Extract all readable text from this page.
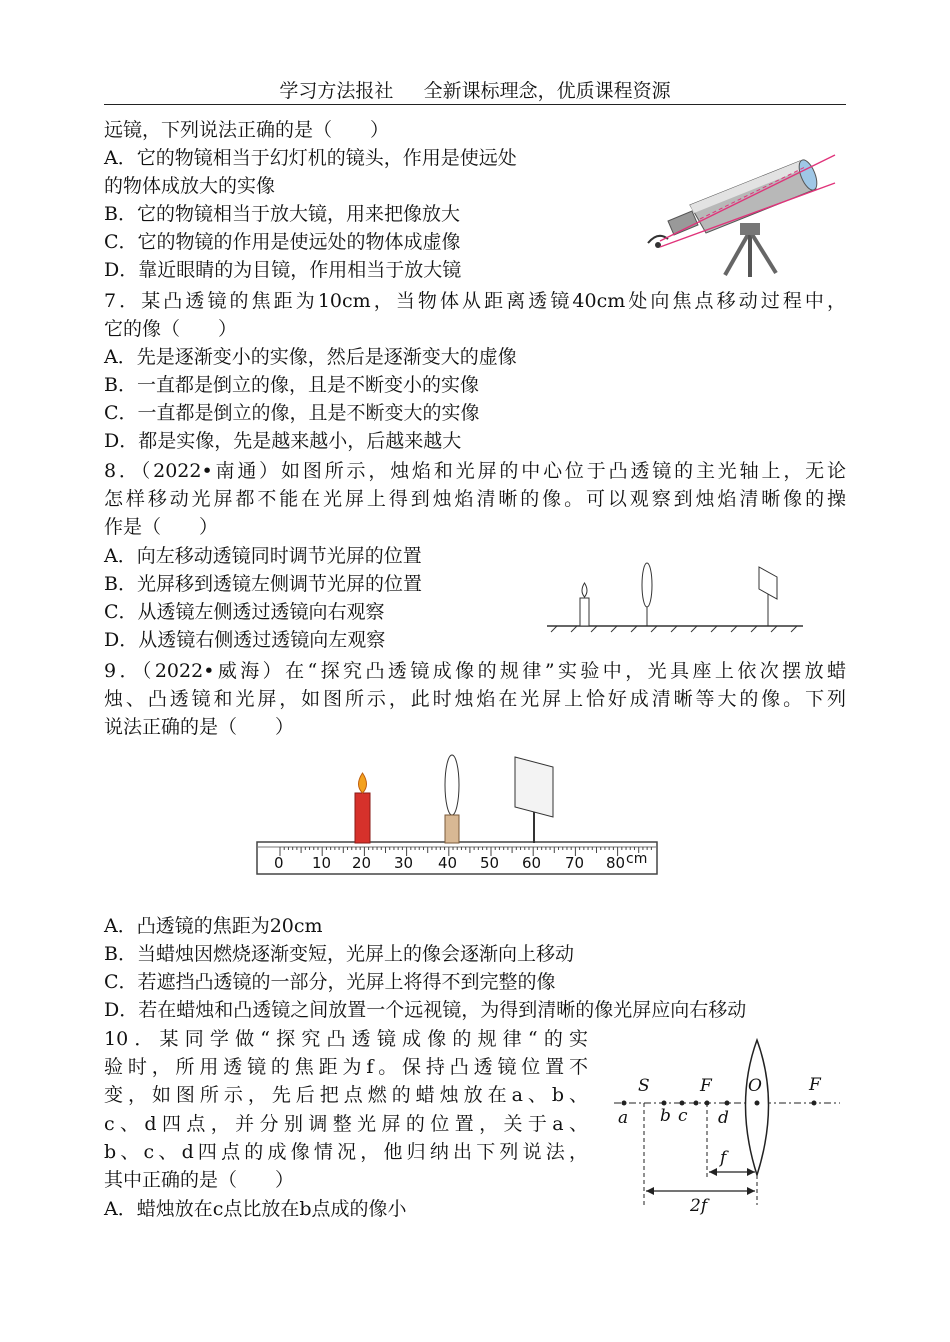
学习方法报社 全新课标理念，优质课程资源
远镜，下列说法正确的是（　　）
A．它的物镜相当于幻灯机的镜头，作用是使远处
的物体成放大的实像
B．它的物镜相当于放大镜，用来把像放大
C．它的物镜的作用是使远处的物体成虚像
D．靠近眼睛的为目镜，作用相当于放大镜
7．某凸透镜的焦距为10cm，当物体从距离透镜40cm处向焦点移动过程中，
它的像（　　）
A．先是逐渐变小的实像，然后是逐渐变大的虚像
B．一直都是倒立的像，且是不断变小的实像
C．一直都是倒立的像，且是不断变大的实像
D．都是实像，先是越来越小，后越来越大
8．（2022•南通）如图所示，烛焰和光屏的中心位于凸透镜的主光轴上，无论
怎样移动光屏都不能在光屏上得到烛焰清晰的像。可以观察到烛焰清晰像的操
作是（　　）
A．向左移动透镜同时调节光屏的位置
B．光屏移到透镜左侧调节光屏的位置
C．从透镜左侧透过透镜向右观察
D．从透镜右侧透过透镜向左观察
9．（2022•威海）在“探究凸透镜成像的规律”实验中，光具座上依次摆放蜡
烛、凸透镜和光屏，如图所示，此时烛焰在光屏上恰好成清晰等大的像。下列
说法正确的是（　　）
0 10 20 30 40 50 60 70 80 cm
A．凸透镜的焦距为20cm
B．当蜡烛因燃烧逐渐变短，光屏上的像会逐渐向上移动
C．若遮挡凸透镜的一部分，光屏上将得不到完整的像
D．若在蜡烛和凸透镜之间放置一个远视镜，为得到清晰的像光屏应向右移动
10．某同学做“探究凸透镜成像的规律“的实
验时，所用透镜的焦距为f。保持凸透镜位置不
变，如图所示，先后把点燃的蜡烛放在a、b、
c、d四点，并分别调整光屏的位置，关于a、
b、c、d四点的成像情况，他归纳出下列说法，
其中正确的是（　　）
A．蜡烛放在c点比放在b点成的像小
S	F O	F
a b c d
f
2f
